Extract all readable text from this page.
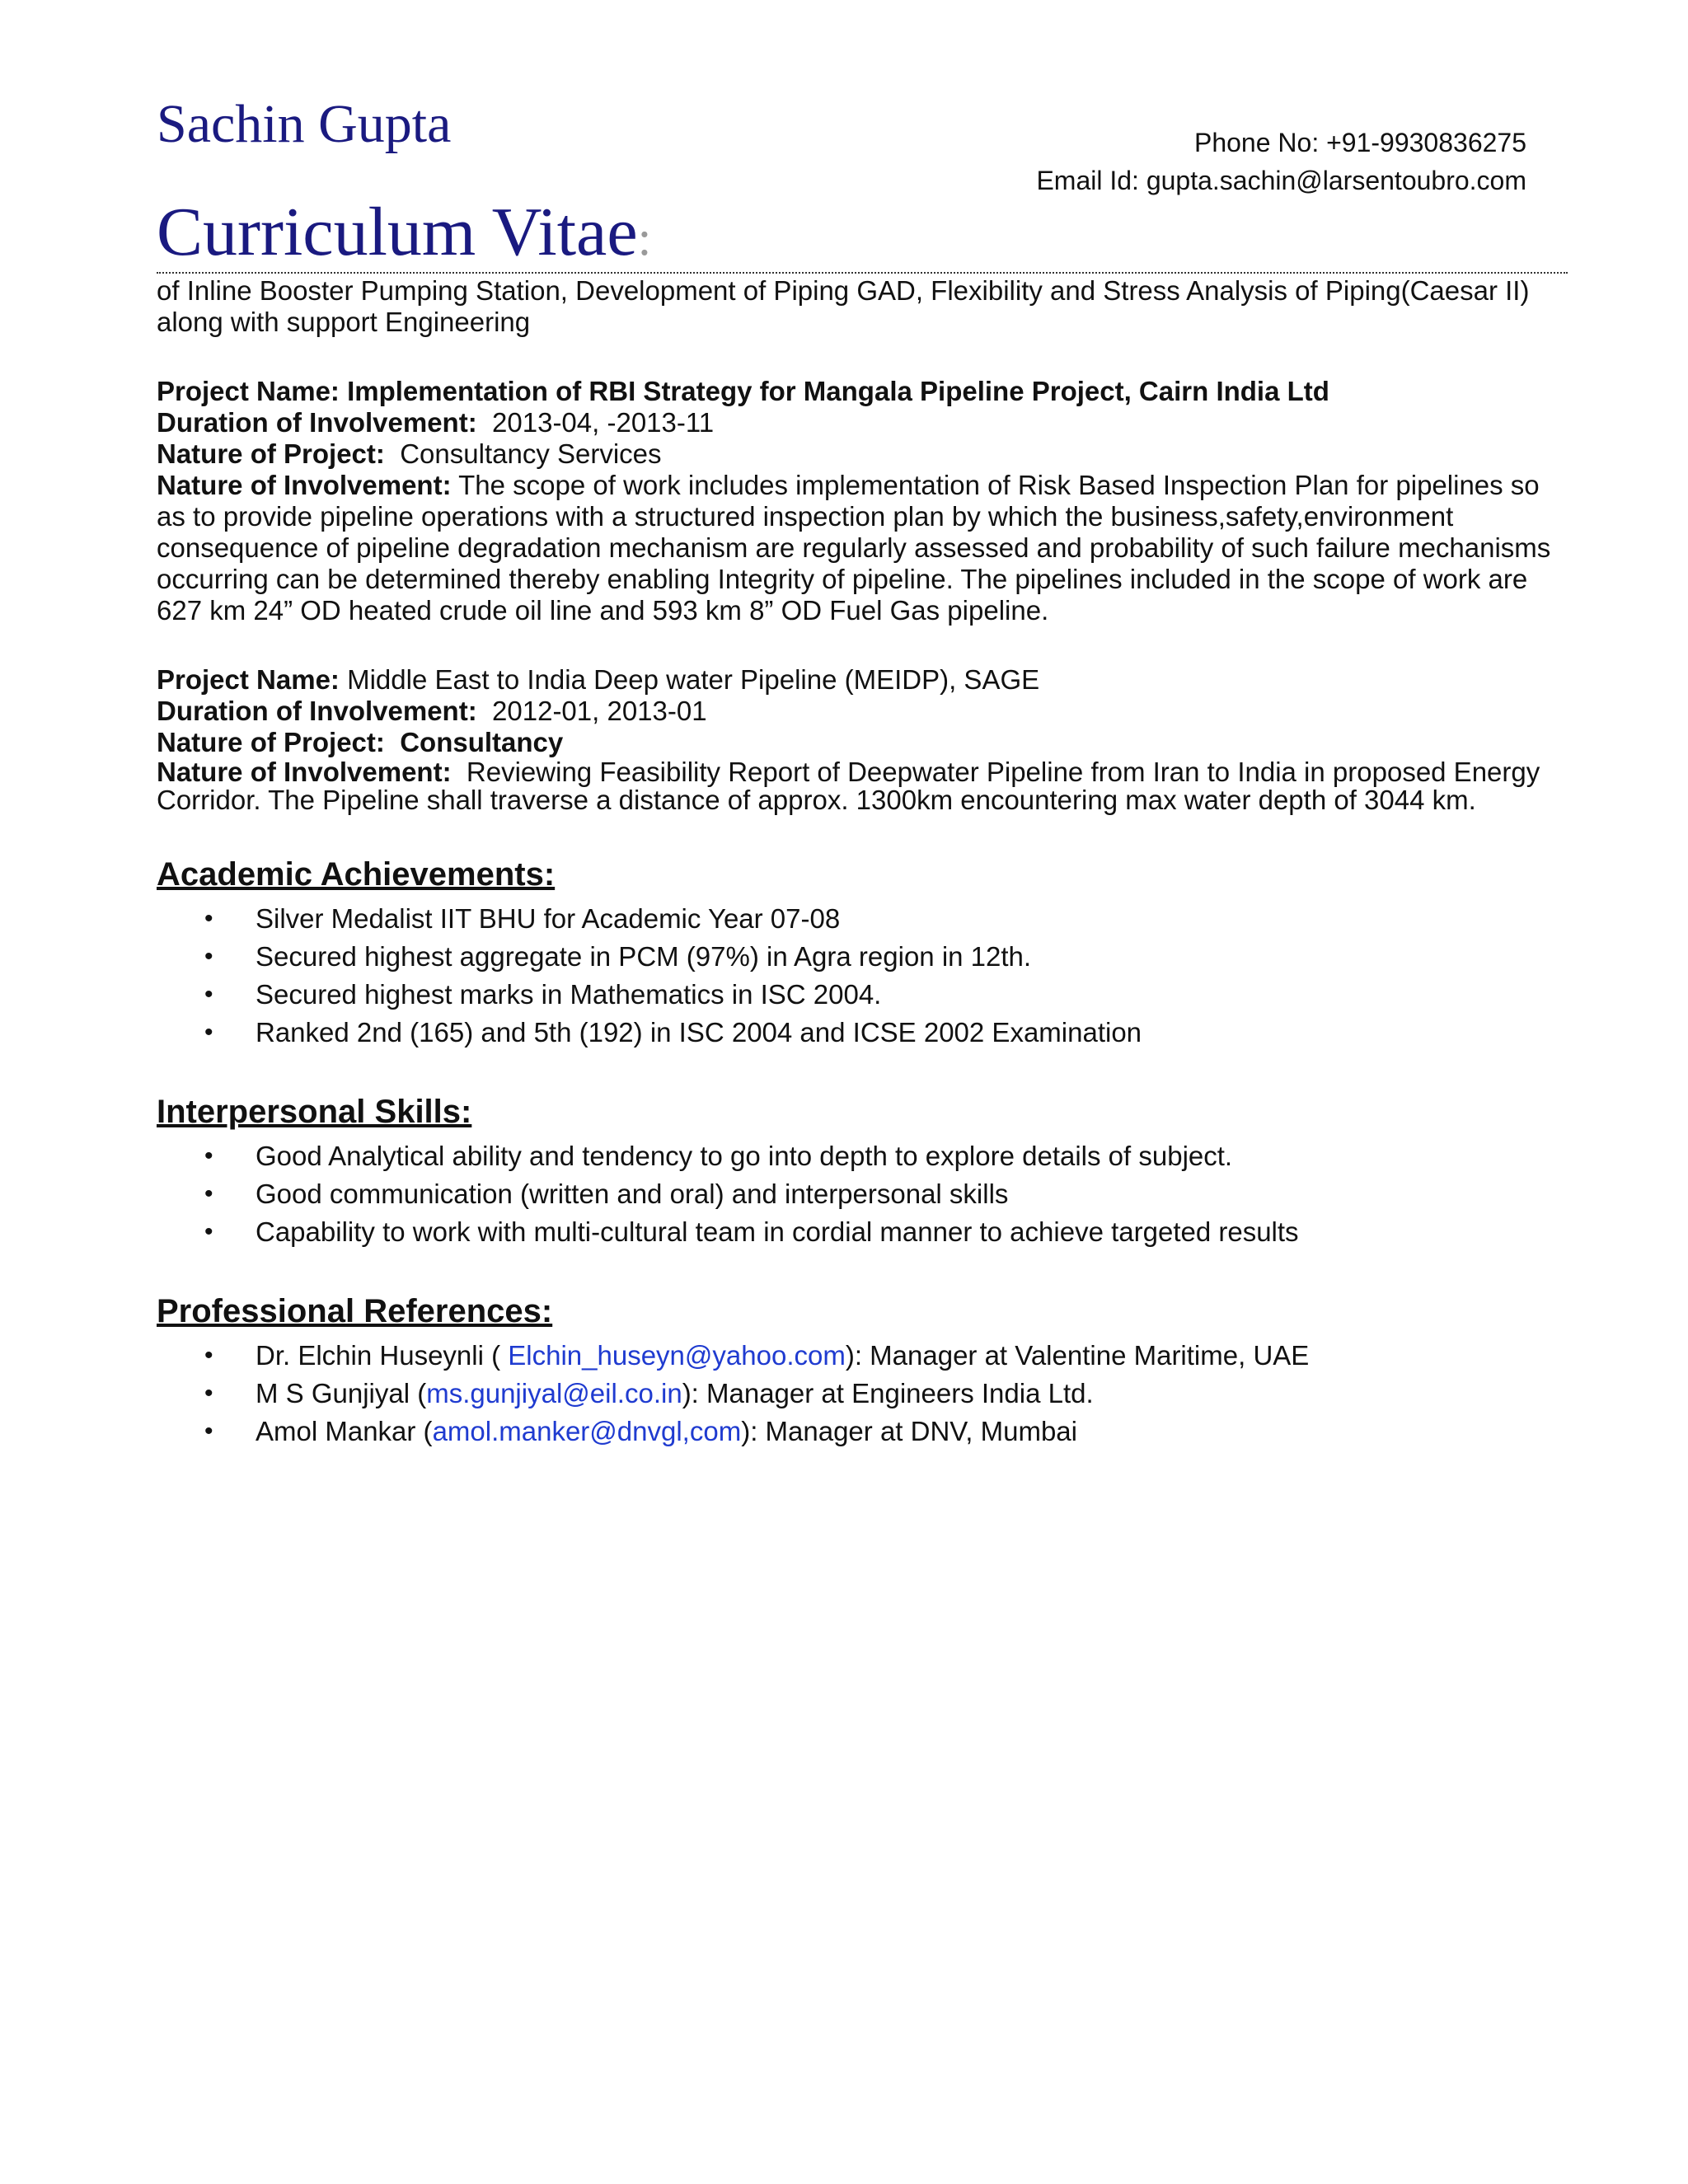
Sachin Gupta	Phone No: +91-9930836275
Email Id: gupta.sachin@larsentoubro.com
Curriculum Vitae:

of Inline Booster Pumping Station, Development of Piping GAD, Flexibility and Stress Analysis of Piping(Caesar II) along with support Engineering

Project Name: Implementation of RBI Strategy for Mangala Pipeline Project, Cairn India Ltd

Duration of Involvement: 2013-04, -2013-11

Nature of Project: Consultancy Services

Nature of Involvement: The scope of work includes implementation of Risk Based Inspection Plan for pipelines so as to provide pipeline operations with a structured inspection plan by which the business,safety,environment consequence of pipeline degradation mechanism are regularly assessed and probability of such failure mechanisms occurring can be determined thereby enabling Integrity of pipeline. The pipelines included in the scope of work are 627 km 24” OD heated crude oil line and 593 km 8” OD Fuel Gas pipeline.

Project Name: Middle East to India Deep water Pipeline (MEIDP), SAGE

Duration of Involvement: 2012-01, 2013-01

Nature of Project: Consultancy

Nature of Involvement: Reviewing Feasibility Report of Deepwater Pipeline from Iran to India in proposed Energy Corridor. The Pipeline shall traverse a distance of approx. 1300km encountering max water depth of 3044 km.

Academic Achievements:
• Silver Medalist IIT BHU for Academic Year 07-08
• Secured highest aggregate in PCM (97%) in Agra region in 12th.
• Secured highest marks in Mathematics in ISC 2004.
• Ranked 2nd (165) and 5th (192) in ISC 2004 and ICSE 2002 Examination
Interpersonal Skills:
• Good Analytical ability and tendency to go into depth to explore details of subject.
• Good communication (written and oral) and interpersonal skills
• Capability to work with multi-cultural team in cordial manner to achieve targeted results
Professional References:
• Dr. Elchin Huseynli ( Elchin_huseyn@yahoo.com): Manager at Valentine Maritime, UAE
• M S Gunjiyal (ms.gunjiyal@eil.co.in): Manager at Engineers India Ltd.
• Amol Mankar (amol.manker@dnvgl,com): Manager at DNV, Mumbai
